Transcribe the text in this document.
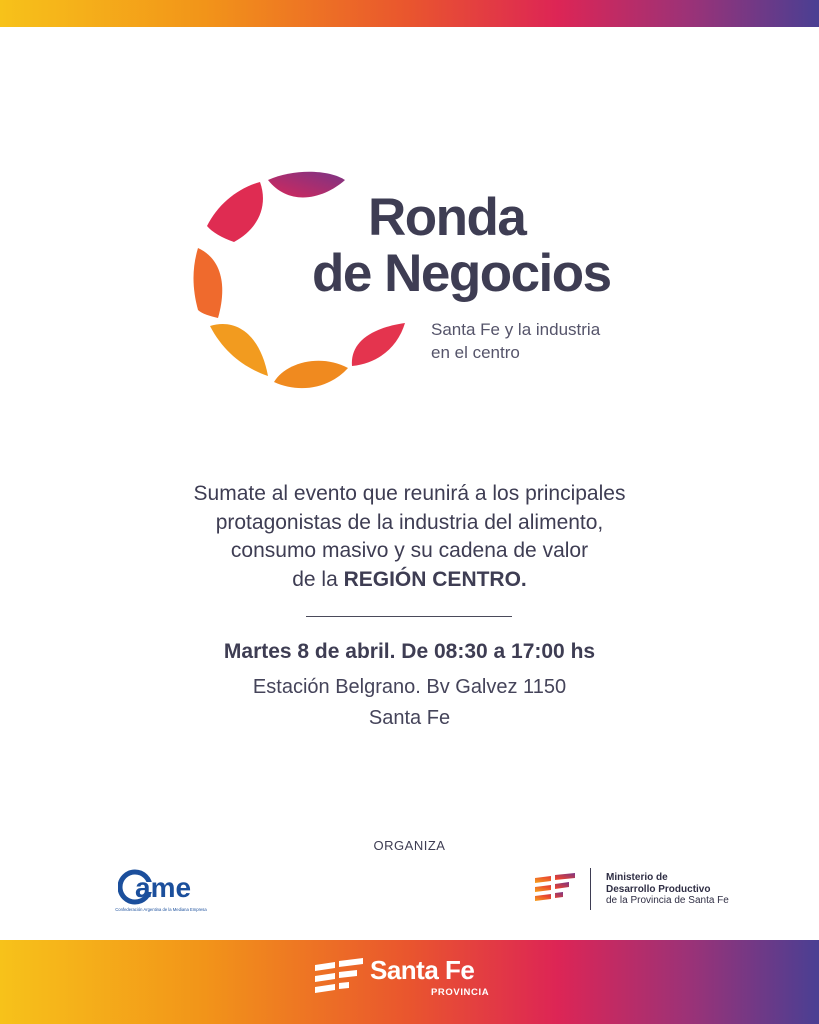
Ronda
de Negocios
Santa Fe y la industria
en el centro
Sumate al evento que reunirá a los principales
protagonistas de la industria del alimento,
consumo masivo y su cadena de valor
de la REGIÓN CENTRO.
Martes 8 de abril. De 08:30 a 17:00 hs
Estación Belgrano. Bv Galvez 1150
Santa Fe
ORGANIZA
ame
Confederación Argentina de la Mediana Empresa
Ministerio de
Desarrollo Productivo
de la Provincia de Santa Fe
Santa Fe
PROVINCIA
